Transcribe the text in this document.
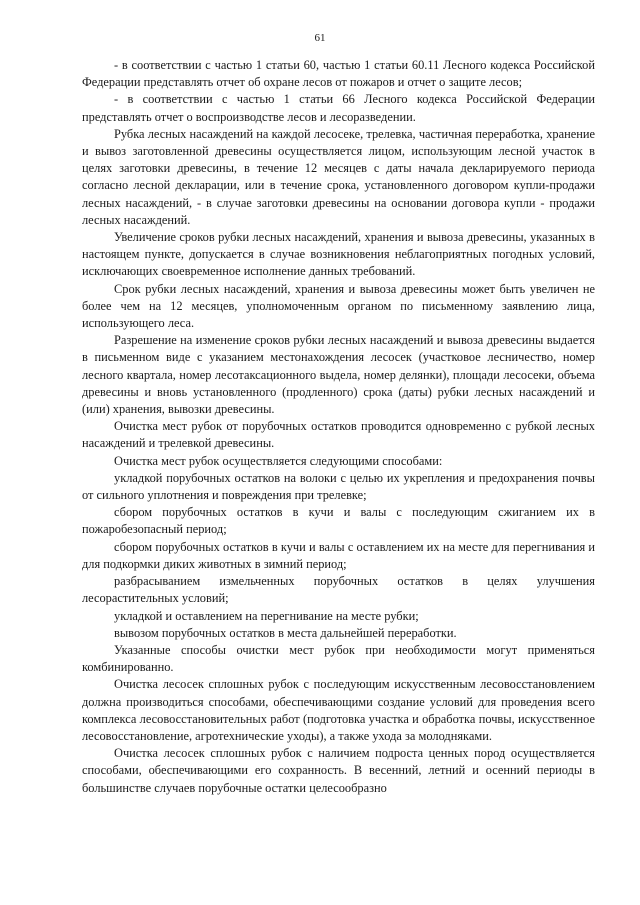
61

- в соответствии с частью 1 статьи 60, частью 1 статьи 60.11 Лесного кодекса Российской Федерации представлять отчет об охране лесов от пожаров и отчет о защите лесов;

- в соответствии с частью 1 статьи 66 Лесного кодекса Российской Федерации представлять отчет о воспроизводстве лесов и лесоразведении.

Рубка лесных насаждений на каждой лесосеке, трелевка, частичная переработка, хранение и вывоз заготовленной древесины осуществляется лицом, использующим лесной участок в целях заготовки древесины, в течение 12 месяцев с даты начала декларируемого периода согласно лесной декларации, или в течение срока, установленного договором купли-продажи лесных насаждений, - в случае заготовки древесины на основании договора купли - продажи лесных насаждений.

Увеличение сроков рубки лесных насаждений, хранения и вывоза древесины, указанных в настоящем пункте, допускается в случае возникновения неблагоприятных погодных условий, исключающих своевременное исполнение данных требований.

Срок рубки лесных насаждений, хранения и вывоза древесины может быть увеличен не более чем на 12 месяцев, уполномоченным органом по письменному заявлению лица, использующего леса.

Разрешение на изменение сроков рубки лесных насаждений и вывоза древесины выдается в письменном виде с указанием местонахождения лесосек (участковое лесничество, номер лесного квартала, номер лесотаксационного выдела, номер делянки), площади лесосеки, объема древесины и вновь установленного (продленного) срока (даты) рубки лесных насаждений и (или) хранения, вывозки древесины.

Очистка мест рубок от порубочных остатков проводится одновременно с рубкой лесных насаждений и трелевкой древесины.

Очистка мест рубок осуществляется следующими способами:

укладкой порубочных остатков на волоки с целью их укрепления и предохранения почвы от сильного уплотнения и повреждения при трелевке;

сбором порубочных остатков в кучи и валы с последующим сжиганием их в пожаробезопасный период;

сбором порубочных остатков в кучи и валы с оставлением их на месте для перегнивания и для подкормки диких животных в зимний период;

разбрасыванием измельченных порубочных остатков в целях улучшения лесорастительных условий;

укладкой и оставлением на перегнивание на месте рубки;

вывозом порубочных остатков в места дальнейшей переработки.

Указанные способы очистки мест рубок при необходимости могут применяться комбинированно.

Очистка лесосек сплошных рубок с последующим искусственным лесовосстановлением должна производиться способами, обеспечивающими создание условий для проведения всего комплекса лесовосстановительных работ (подготовка участка и обработка почвы, искусственное лесовосстановление, агротехнические уходы), а также ухода за молодняками.

Очистка лесосек сплошных рубок с наличием подроста ценных пород осуществляется способами, обеспечивающими его сохранность. В весенний, летний и осенний периоды в большинстве случаев порубочные остатки целесообразно
